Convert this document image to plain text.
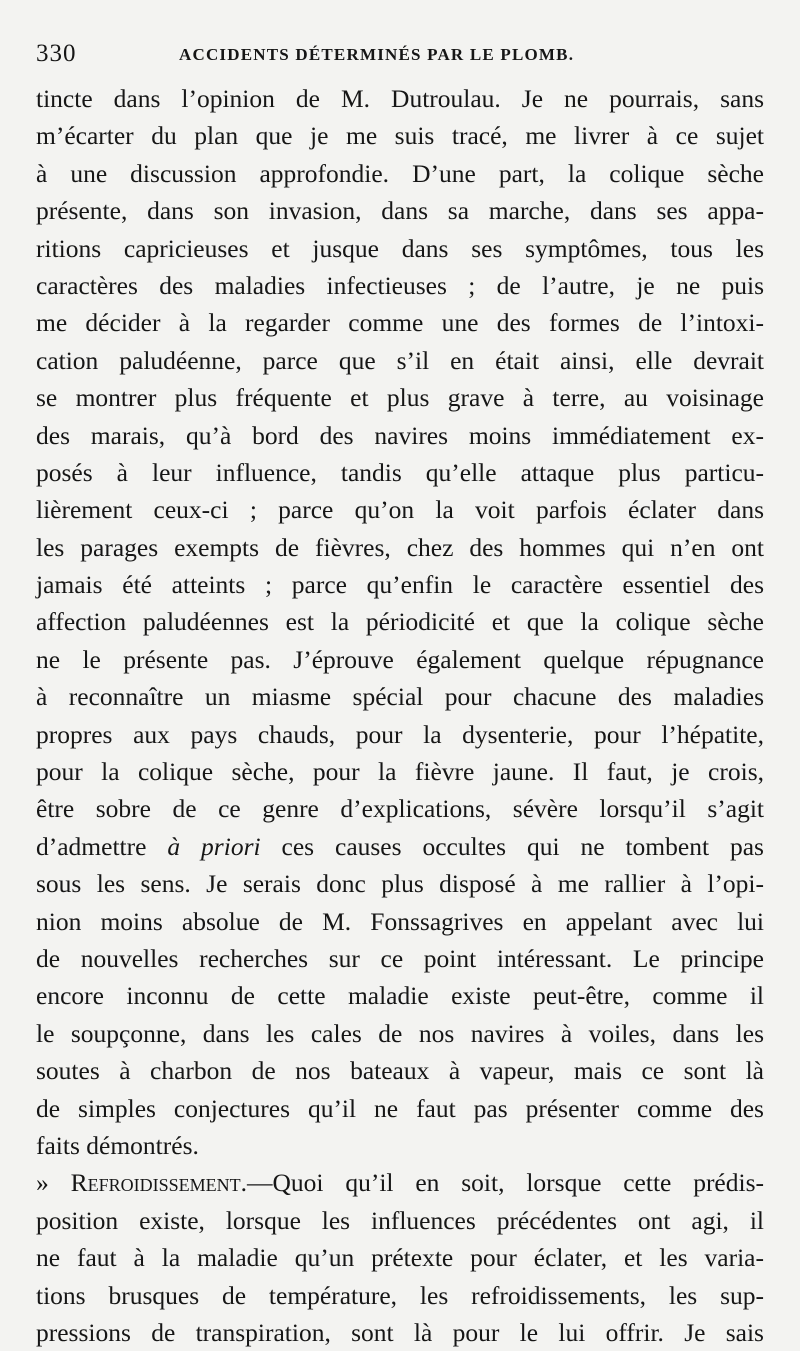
330	ACCIDENTS DÉTERMINÉS PAR LE PLOMB.
tincte dans l’opinion de M. Dutroulau. Je ne pourrais, sans
m’écarter du plan que je me suis tracé, me livrer à ce sujet
à une discussion approfondie. D’une part, la colique sèche
présente, dans son invasion, dans sa marche, dans ses appa-
ritions capricieuses et jusque dans ses symptômes, tous les
caractères des maladies infectieuses ; de l’autre, je ne puis
me décider à la regarder comme une des formes de l’intoxi-
cation paludéenne, parce que s’il en était ainsi, elle devrait
se montrer plus fréquente et plus grave à terre, au voisinage
des marais, qu’à bord des navires moins immédiatement ex-
posés à leur influence, tandis qu’elle attaque plus particu-
lièrement ceux-ci ; parce qu’on la voit parfois éclater dans
les parages exempts de fièvres, chez des hommes qui n’en ont
jamais été atteints ; parce qu’enfin le caractère essentiel des
affection paludéennes est la périodicité et que la colique sèche
ne le présente pas. J’éprouve également quelque répugnance
à reconnaître un miasme spécial pour chacune des maladies
propres aux pays chauds, pour la dysenterie, pour l’hépatite,
pour la colique sèche, pour la fièvre jaune. Il faut, je crois,
être sobre de ce genre d’explications, sévère lorsqu’il s’agit
d’admettre à priori ces causes occultes qui ne tombent pas
sous les sens. Je serais donc plus disposé à me rallier à l’opi-
nion moins absolue de M. Fonssagrives en appelant avec lui
de nouvelles recherches sur ce point intéressant. Le principe
encore inconnu de cette maladie existe peut-être, comme il
le soupçonne, dans les cales de nos navires à voiles, dans les
soutes à charbon de nos bateaux à vapeur, mais ce sont là
de simples conjectures qu’il ne faut pas présenter comme des
faits démontrés.
» Refroidissement.—Quoi qu’il en soit, lorsque cette prédis-
position existe, lorsque les influences précédentes ont agi, il
ne faut à la maladie qu’un prétexte pour éclater, et les varia-
tions brusques de température, les refroidissements, les sup-
pressions de transpiration, sont là pour le lui offrir. Je sais
